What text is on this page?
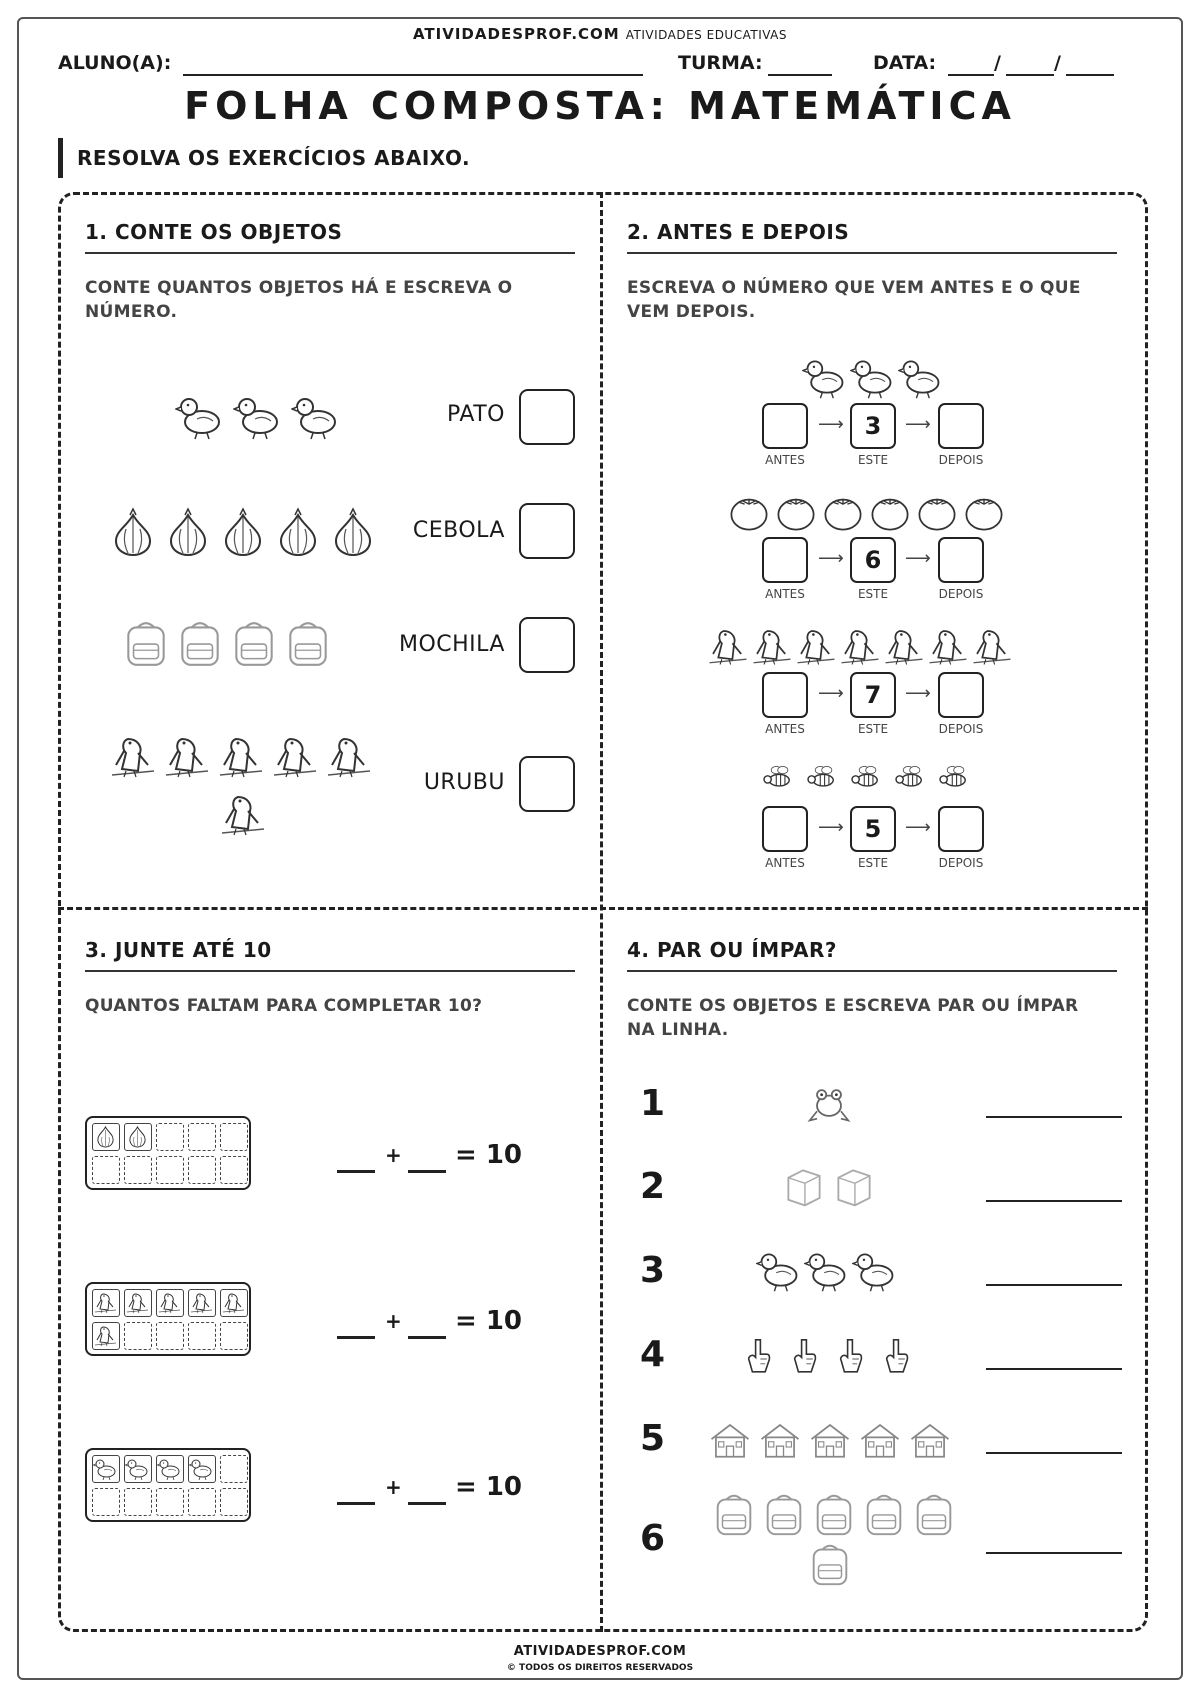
ATIVIDADESPROF.COM ATIVIDADES EDUCATIVAS
ALUNO(A):	TURMA:	DATA:	/	/
FOLHA COMPOSTA: MATEMÁTICA
RESOLVA OS EXERCÍCIOS ABAIXO.
1. CONTE OS OBJETOS
CONTE QUANTOS OBJETOS HÁ E ESCREVA O NÚMERO.
PATO
CEBOLA
MOCHILA
URUBU
2. ANTES E DEPOIS
ESCREVA O NÚMERO QUE VEM ANTES E O QUE VEM DEPOIS.
⟶ 3	⟶
ANTES	ESTE	DEPOIS
⟶ 6	⟶
ANTES	ESTE	DEPOIS
⟶ 7	⟶
ANTES	ESTE	DEPOIS
⟶ 5	⟶
ANTES	ESTE	DEPOIS
3. JUNTE ATÉ 10
QUANTOS FALTAM PARA COMPLETAR 10?
+ = 10
+ = 10
+ = 10
4. PAR OU ÍMPAR?
CONTE OS OBJETOS E ESCREVA PAR OU ÍMPAR NA LINHA.
1
2
3
4
5
6
ATIVIDADESPROF.COM
© TODOS OS DIREITOS RESERVADOS
